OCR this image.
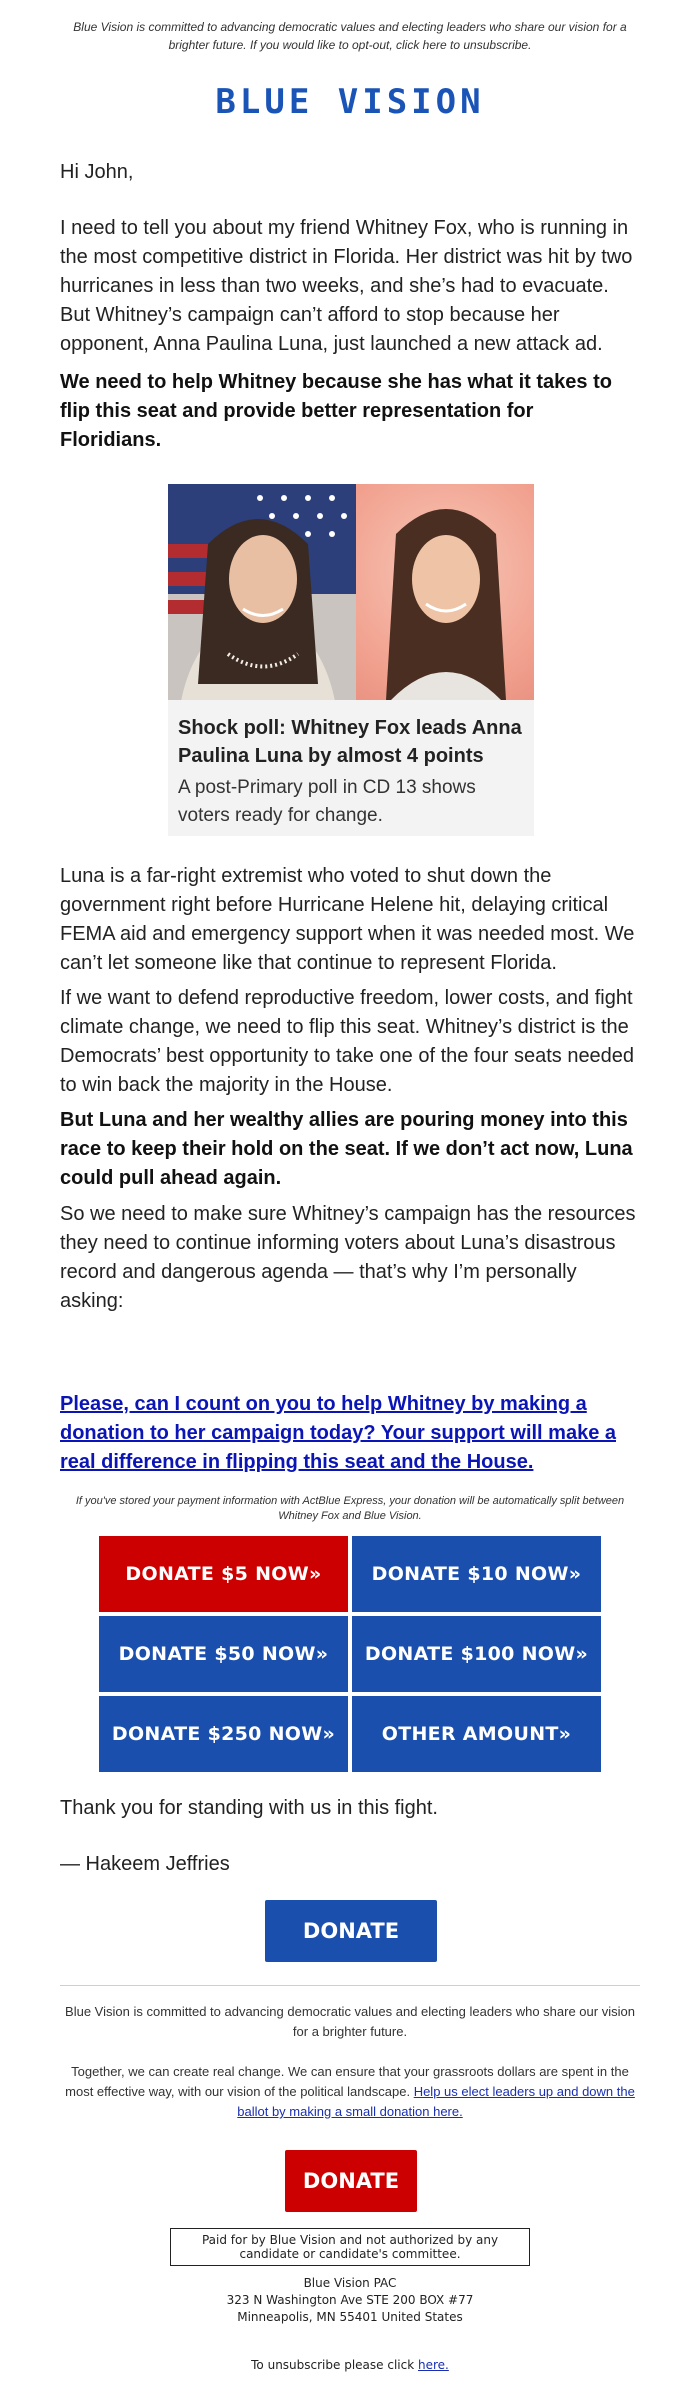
Blue Vision is committed to advancing democratic values and electing leaders who share our vision for a brighter future. If you would like to opt-out, click here to unsubscribe.
BLUE VISION
Hi John,
I need to tell you about my friend Whitney Fox, who is running in the most competitive district in Florida. Her district was hit by two hurricanes in less than two weeks, and she’s had to evacuate. But Whitney’s campaign can’t afford to stop because her opponent, Anna Paulina Luna, just launched a new attack ad.
We need to help Whitney because she has what it takes to flip this seat and provide better representation for Floridians.
Shock poll: Whitney Fox leads Anna Paulina Luna by almost 4 points
A post-Primary poll in CD 13 shows voters ready for change.
Luna is a far-right extremist who voted to shut down the government right before Hurricane Helene hit, delaying critical FEMA aid and emergency support when it was needed most. We can’t let someone like that continue to represent Florida.
If we want to defend reproductive freedom, lower costs, and fight climate change, we need to flip this seat. Whitney’s district is the Democrats’ best opportunity to take one of the four seats needed to win back the majority in the House.
But Luna and her wealthy allies are pouring money into this race to keep their hold on the seat. If we don’t act now, Luna could pull ahead again.
So we need to make sure Whitney’s campaign has the resources they need to continue informing voters about Luna’s disastrous record and dangerous agenda — that’s why I’m personally asking:
Please, can I count on you to help Whitney by making a donation to her campaign today? Your support will make a real difference in flipping this seat and the House.
If you've stored your payment information with ActBlue Express, your donation will be automatically split between Whitney Fox and Blue Vision.
DONATE $5 NOW»	DONATE $10 NOW»
DONATE $50 NOW»	DONATE $100 NOW»
DONATE $250 NOW»	OTHER AMOUNT»
Thank you for standing with us in this fight.
— Hakeem Jeffries
DONATE
Blue Vision is committed to advancing democratic values and electing leaders who share our vision for a brighter future.
Together, we can create real change. We can ensure that your grassroots dollars are spent in the most effective way, with our vision of the political landscape. Help us elect leaders up and down the ballot by making a small donation here.
DONATE
Paid for by Blue Vision and not authorized by any candidate or candidate's committee.
Blue Vision PAC
323 N Washington Ave STE 200 BOX #77
Minneapolis, MN 55401 United States
To unsubscribe please click here.
